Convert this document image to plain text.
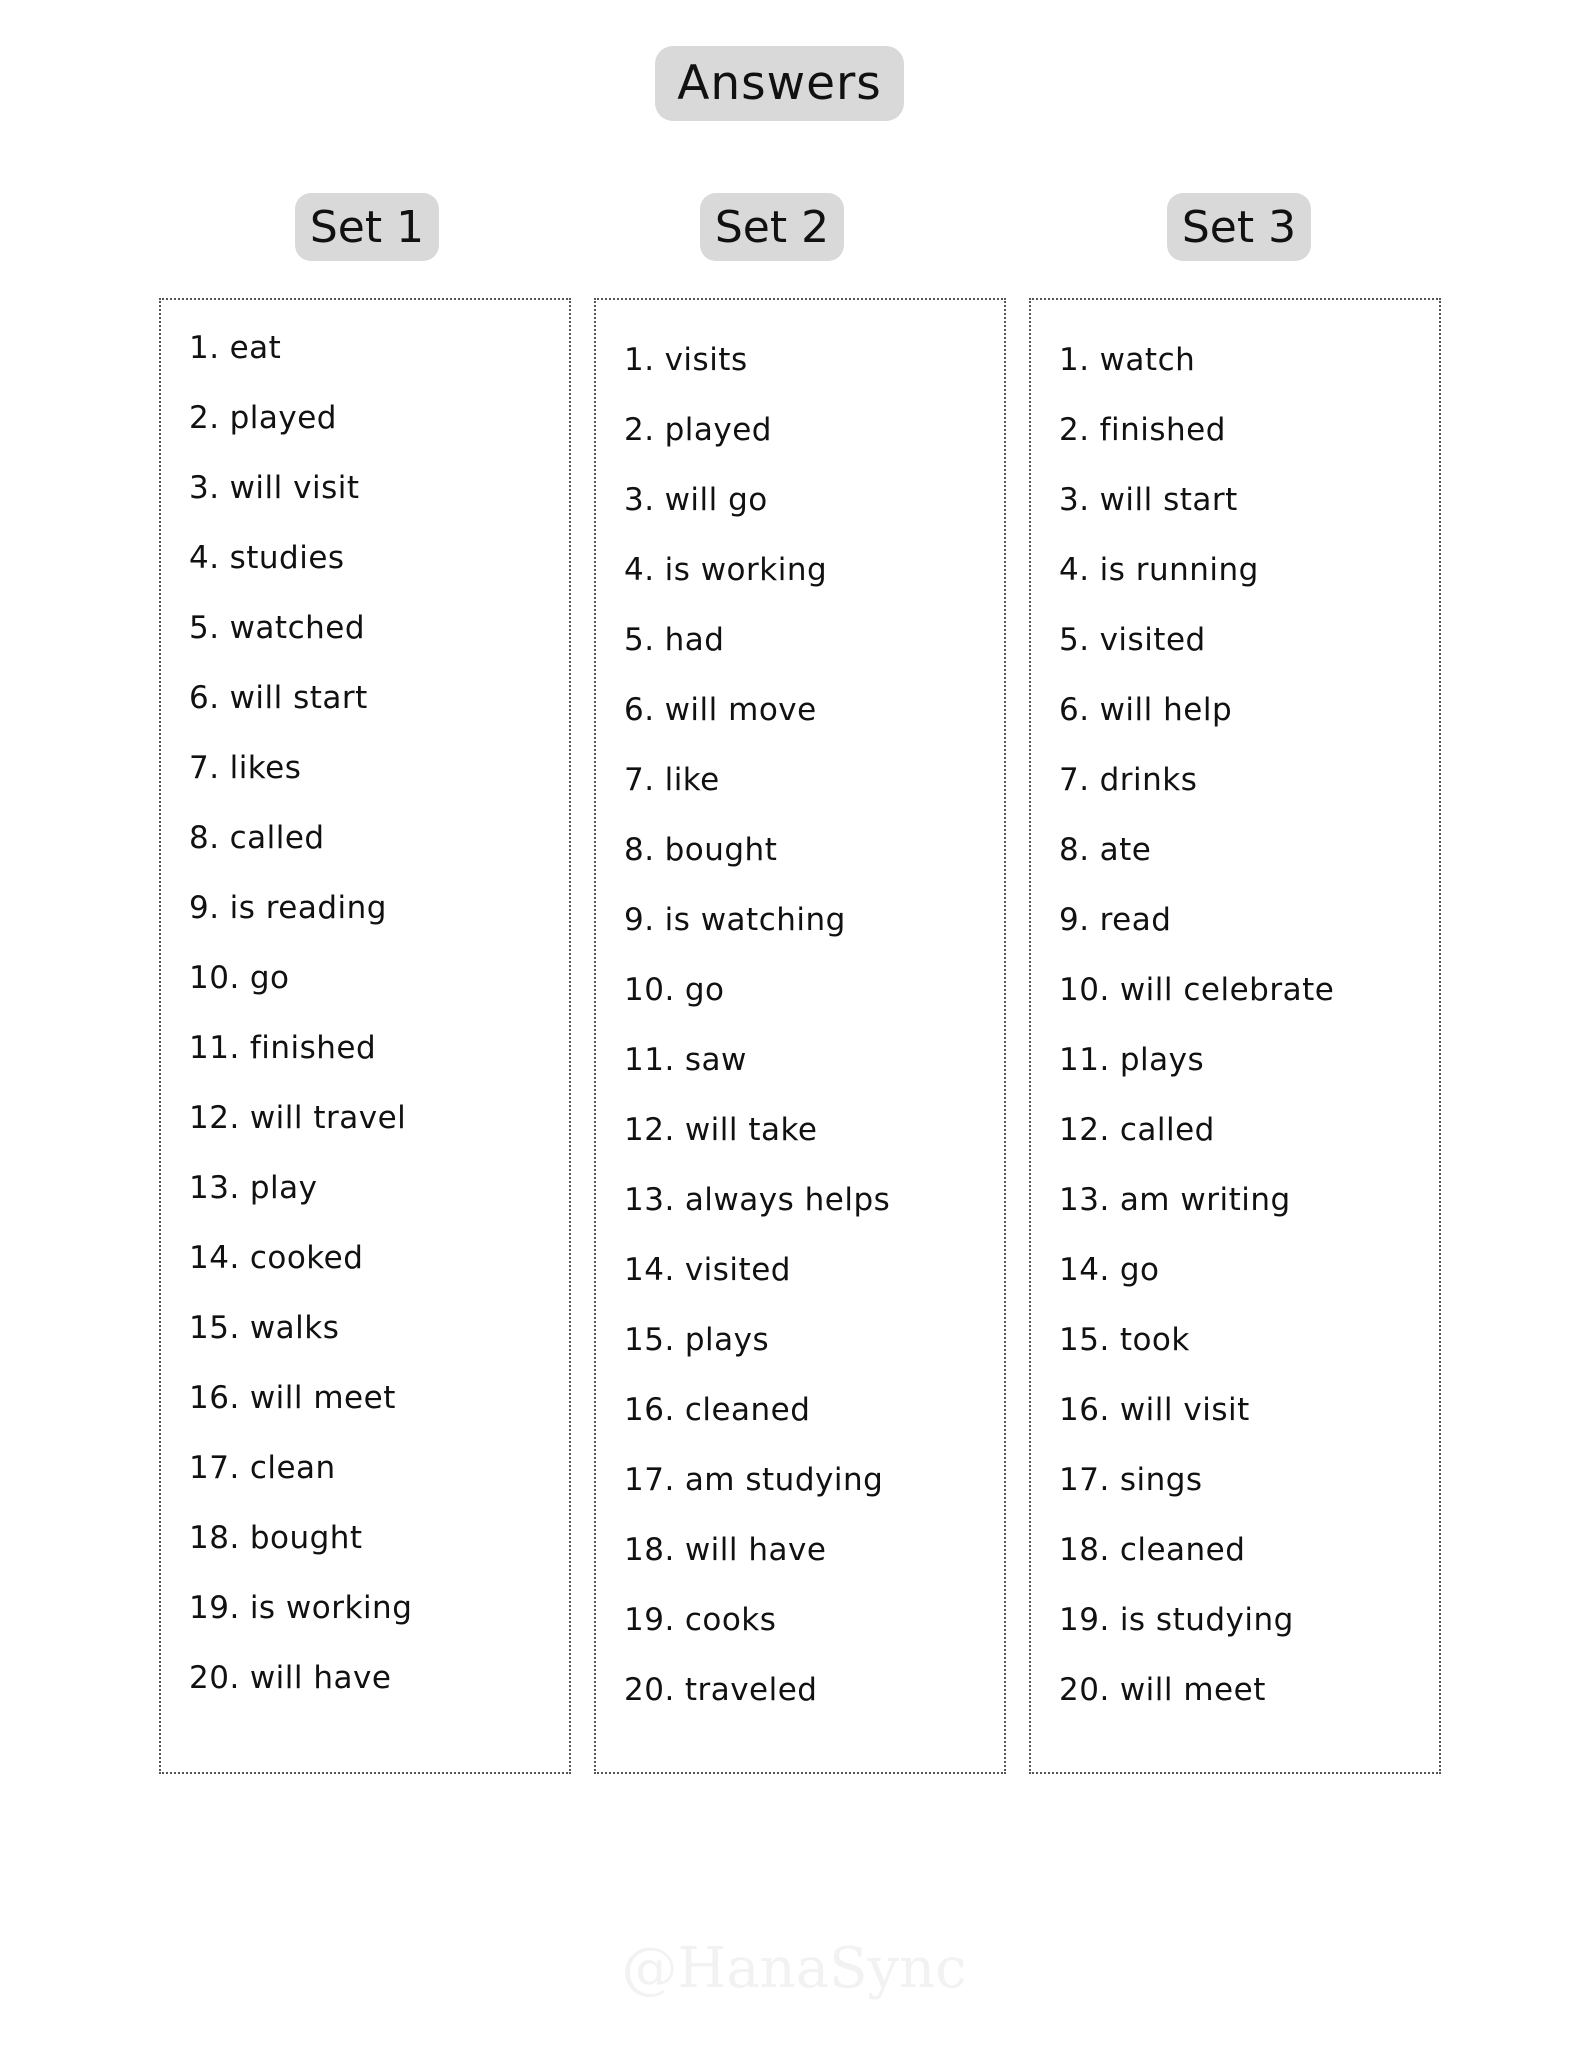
Answers
Set 1	Set 2	Set 3
1. eat
2. played
3. will visit
4. studies
5. watched
6. will start
7. likes
8. called
9. is reading
10. go
11. finished
12. will travel
13. play
14. cooked
15. walks
16. will meet
17. clean
18. bought
19. is working
20. will have
1. visits
2. played
3. will go
4. is working
5. had
6. will move
7. like
8. bought
9. is watching
10. go
11. saw
12. will take
13. always helps
14. visited
15. plays
16. cleaned
17. am studying
18. will have
19. cooks
20. traveled
1. watch
2. finished
3. will start
4. is running
5. visited
6. will help
7. drinks
8. ate
9. read
10. will celebrate
11. plays
12. called
13. am writing
14. go
15. took
16. will visit
17. sings
18. cleaned
19. is studying
20. will meet
@HanaSync
